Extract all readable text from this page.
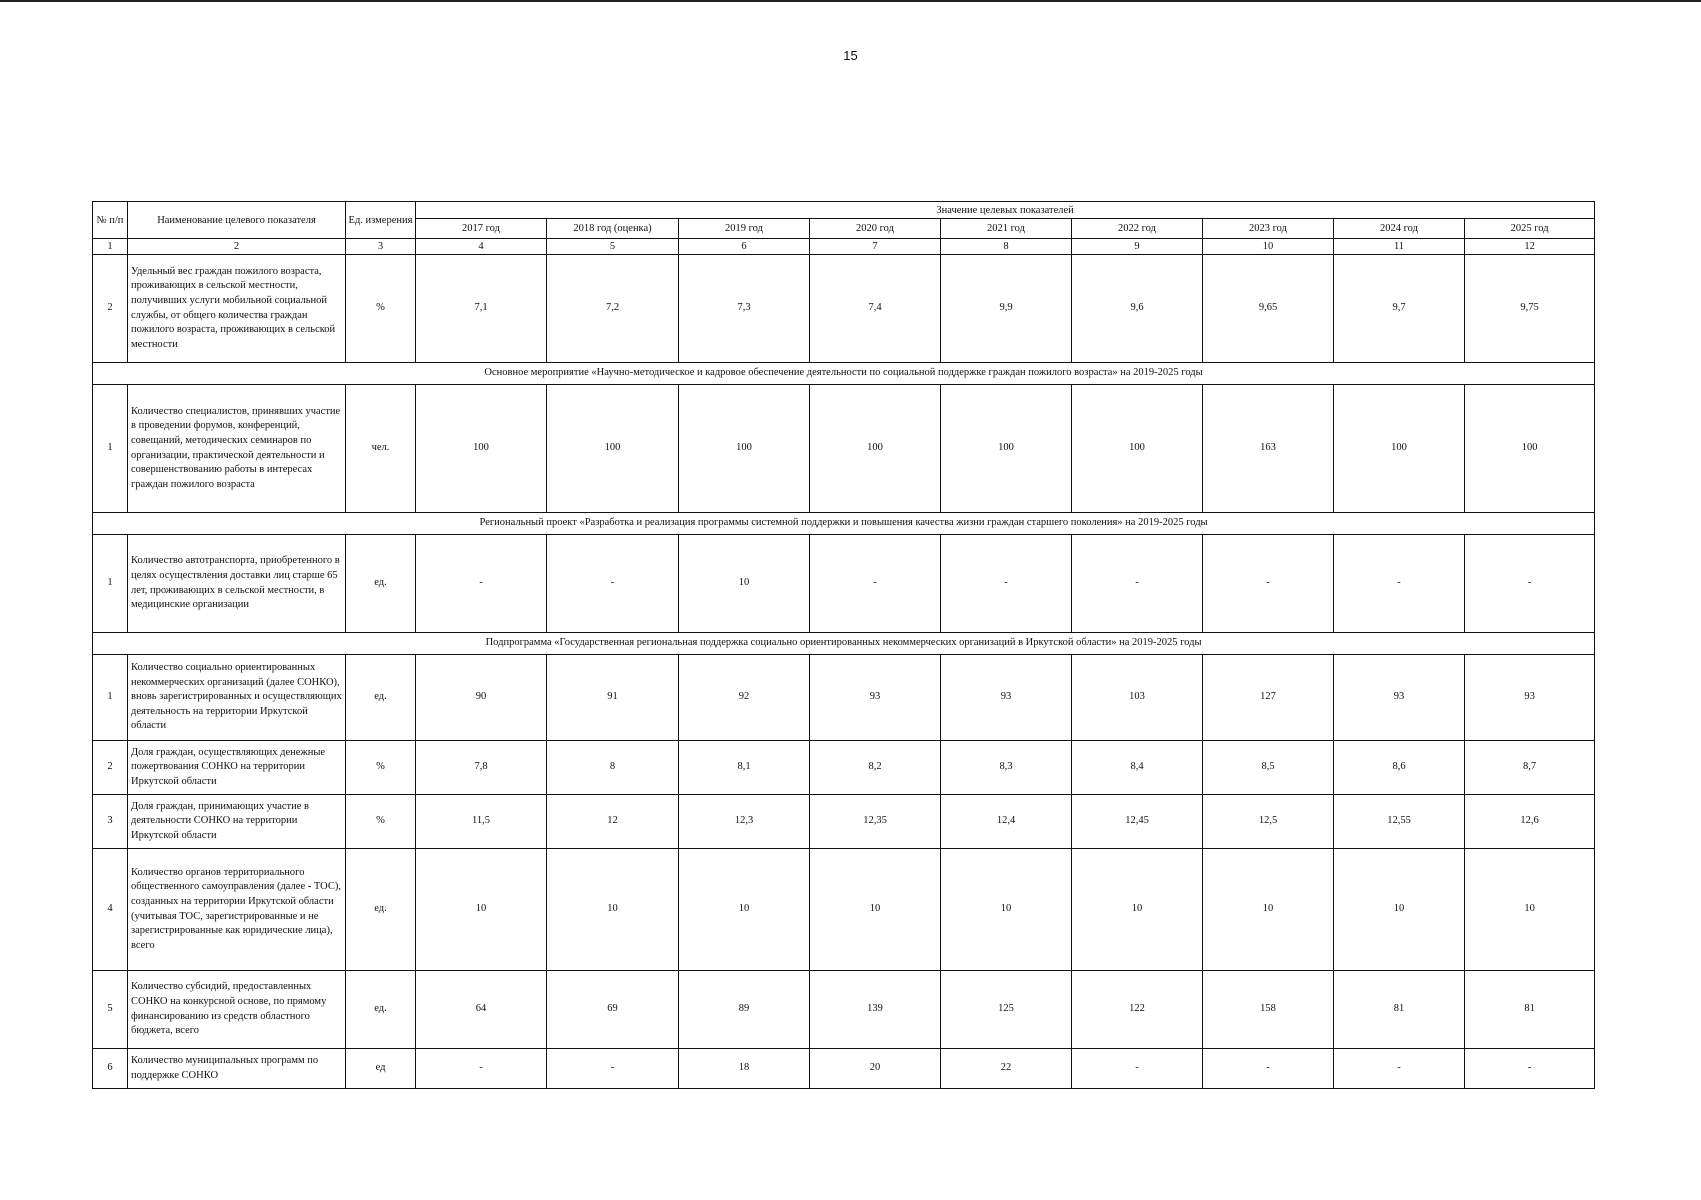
15
№ п/п	Наименование целевого показателя	Ед. измерения	Значение целевых показателей								
			2017 год	2018 год (оценка)	2019 год	2020 год	2021 год	2022 год	2023 год	2024 год	2025 год
1	2	3	4	5	6	7	8	9	10	11	12
2	Удельный вес граждан пожилого возраста, проживающих в сельской местности, получивших услуги мобильной социальной службы, от общего количества граждан пожилого возраста, проживающих в сельской местности	%	7,1	7,2	7,3	7,4	9,9	9,6	9,65	9,7	9,75
Основное мероприятие «Научно-методическое и кадровое обеспечение деятельности по социальной поддержке граждан пожилого возраста» на 2019-2025 годы											
1	Количество специалистов, принявших участие в проведении форумов, конференций, совещаний, методических семинаров по организации, практической деятельности и совершенствованию работы в интересах граждан пожилого возраста	чел.	100	100	100	100	100	100	163	100	100
Региональный проект «Разработка и реализация программы системной поддержки и повышения качества жизни граждан старшего поколения» на 2019-2025 годы											
1	Количество автотранспорта, приобретенного в целях осуществления доставки лиц старше 65 лет, проживающих в сельской местности, в медицинские организации	ед.	-	-	10	-	-	-	-	-	-
Подпрограмма «Государственная региональная поддержка социально ориентированных некоммерческих организаций в Иркутской области» на 2019-2025 годы											
1	Количество социально ориентированных некоммерческих организаций (далее СОНКО), вновь зарегистрированных и осуществляющих деятельность на территории Иркутской области	ед.	90	91	92	93	93	103	127	93	93
2	Доля граждан, осуществляющих денежные пожертвования СОНКО на территории Иркутской области	%	7,8	8	8,1	8,2	8,3	8,4	8,5	8,6	8,7
3	Доля граждан, принимающих участие в деятельности СОНКО на территории Иркутской области	%	11,5	12	12,3	12,35	12,4	12,45	12,5	12,55	12,6
4	Количество органов территориального общественного самоуправления (далее - ТОС), созданных на территории Иркутской области (учитывая ТОС, зарегистрированные и не зарегистрированные как юридические лица), всего	ед.	10	10	10	10	10	10	10	10	10
5	Количество субсидий, предоставленных СОНКО на конкурсной основе, по прямому финансированию из средств областного бюджета, всего	ед.	64	69	89	139	125	122	158	81	81
6	Количество муниципальных программ по поддержке СОНКО	ед	-	-	18	20	22	-	-	-	-
